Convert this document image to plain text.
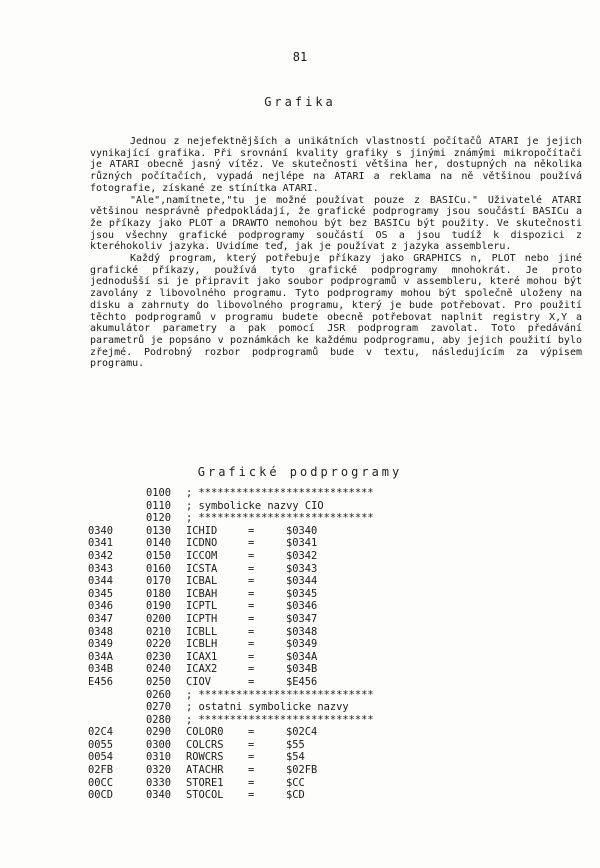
81
Grafika

Jednou z nejefektnějších a unikátních vlastností počítačů ATARI je jejich vynikající grafika. Při srovnání kvality grafiky s jinými známými mikropočítači je ATARI obecně jasný vítěz. Ve skutečnosti většina her, dostupných na několika různých počítačích, vypadá nejlépe na ATARI a reklama na ně většinou používá fotografie, získané ze stínítka ATARI.

"Ale",namítnete,"tu je možné používat pouze z BASICu." Uživatelé ATARI většinou nesprávně předpokládají, že grafické podprogramy jsou součástí BASICu a že příkazy jako PLOT a DRAWTO nemohou být bez BASICu být použity. Ve skutečnosti jsou všechny grafické podprogramy součástí OS a jsou tudíž k dispozici z kteréhokoliv jazyka. Uvidíme teď, jak je používat z jazyka assembleru.

Každý program, který potřebuje příkazy jako GRAPHICS n, PLOT nebo jiné grafické příkazy, používá tyto grafické podprogramy mnohokrát. Je proto jednodušší si je připravit jako soubor podprogramů v assembleru, které mohou být zavolány z libovolného programu. Tyto podprogramy mohou být společně uloženy na disku a zahrnuty do libovolného programu, který je bude potřebovat. Pro použití těchto podprogramů v programu budete obecně potřebovat naplnit registry X,Y a akumulátor parametry a pak pomocí JSR podprogram zavolat. Toto předávání parametrů je popsáno v poznámkách ke každému podprogramu, aby jejich použití bylo zřejmé. Podrobný rozbor podprogramů bude v textu, následujícím za výpisem programu.

Grafické podprogramy
0100 ; ****************************
0110 ; symbolicke nazvy CIO
0120 ; ****************************
0340	0130 ICHID	=	$0340
0341	0140 ICDNO	=	$0341
0342	0150 ICCOM	=	$0342
0343	0160 ICSTA	=	$0343
0344	0170 ICBAL	=	$0344
0345	0180 ICBAH	=	$0345
0346	0190 ICPTL	=	$0346
0347	0200 ICPTH	=	$0347
0348	0210 ICBLL	=	$0348
0349	0220 ICBLH	=	$0349
034A	0230 ICAX1	=	$034A
034B	0240 ICAX2	=	$034B
E456	0250 CIOV	=	$E456
0260 ; ****************************
0270 ; ostatni symbolicke nazvy
0280 ; ****************************
02C4	0290 COLOR0 =	$02C4
0055	0300 COLCRS =	$55
0054	0310 ROWCRS =	$54
02FB	0320 ATACHR =	$02FB
00CC	0330 STORE1 =	$CC
00CD	0340 STOCOL =	$CD
